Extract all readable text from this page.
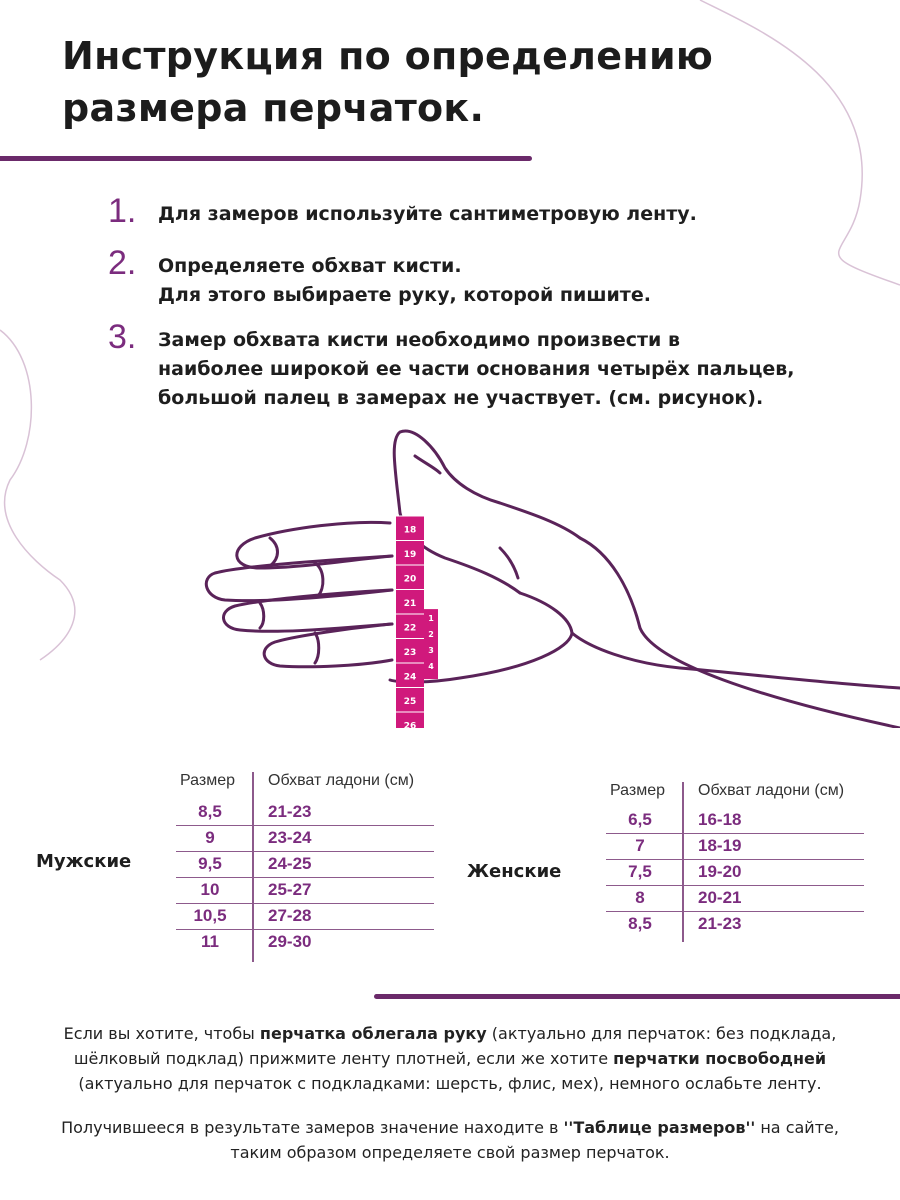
Инструкция по определению
размера перчаток.
1. Для замеров используйте сантиметровую ленту.
2. Определяете обхват кисти.
Для этого выбираете руку, которой пишите.
3. Замер обхвата кисти необходимо произвести в
наиболее широкой ее части основания четырёх пальцев,
большой палец в замерах не участвует. (см. рисунок).
18
19
20
21
22
23
24
25
26
1
2
3
4
Мужские
Размер Обхват ладони (см)
8,5	21-23
9	23-24
9,5	24-25
10	25-27
10,5	27-28
11	29-30
Женские
Размер Обхват ладони (см)
6,5	16-18
7	18-19
7,5	19-20
8	20-21
8,5	21-23
Если вы хотите, чтобы перчатка облегала руку (актуально для перчаток: без подклада,
шёлковый подклад) прижмите ленту плотней, если же хотите перчатки посвободней
(актуально для перчаток с подкладками: шерсть, флис, мех), немного ослабьте ленту.
Получившееся в результате замеров значение находите в ''Таблице размеров'' на сайте,
таким образом определяете свой размер перчаток.
